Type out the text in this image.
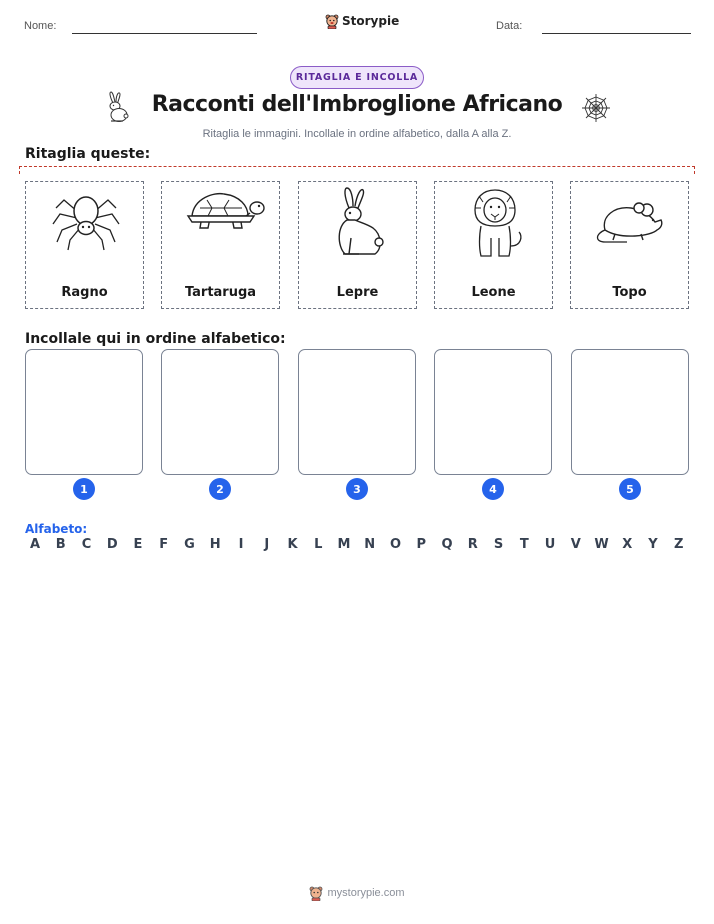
Nome:	Storypie	Data:
RITAGLIA E INCOLLA
Racconti dell'Imbroglione Africano
Ritaglia le immagini. Incollale in ordine alfabetico, dalla A alla Z.
Ritaglia queste:
Ragno	Tartaruga	Lepre	Leone	Topo
Incollale qui in ordine alfabetico:
1	2	3	4	5
Alfabeto:
A	B	C	D	E	F	G	H	I	J	K	L	M	N	O	P	Q	R	S	T	U	V	W	X	Y	Z
mystorypie.com
